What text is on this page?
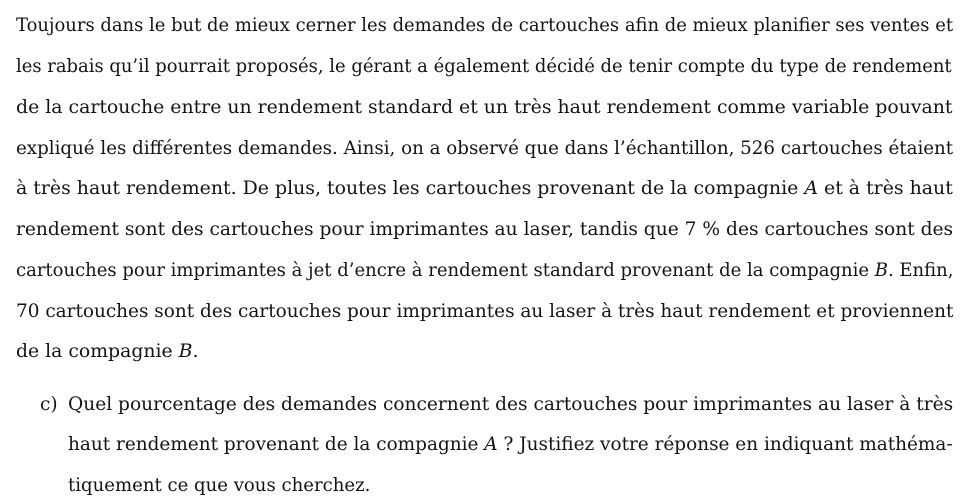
Toujours dans le but de mieux cerner les demandes de cartouches afin de mieux planifier ses ventes et
les rabais qu’il pourrait proposés, le gérant a également décidé de tenir compte du type de rendement
de la cartouche entre un rendement standard et un très haut rendement comme variable pouvant
expliqué les différentes demandes. Ainsi, on a observé que dans l’échantillon, 526 cartouches étaient
à très haut rendement. De plus, toutes les cartouches provenant de la compagnie A et à très haut
rendement sont des cartouches pour imprimantes au laser, tandis que 7 % des cartouches sont des
cartouches pour imprimantes à jet d’encre à rendement standard provenant de la compagnie B. Enfin,
70 cartouches sont des cartouches pour imprimantes au laser à très haut rendement et proviennent
de la compagnie B.
c) Quel pourcentage des demandes concernent des cartouches pour imprimantes au laser à très
haut rendement provenant de la compagnie A ? Justifiez votre réponse en indiquant mathéma-
tiquement ce que vous cherchez.
